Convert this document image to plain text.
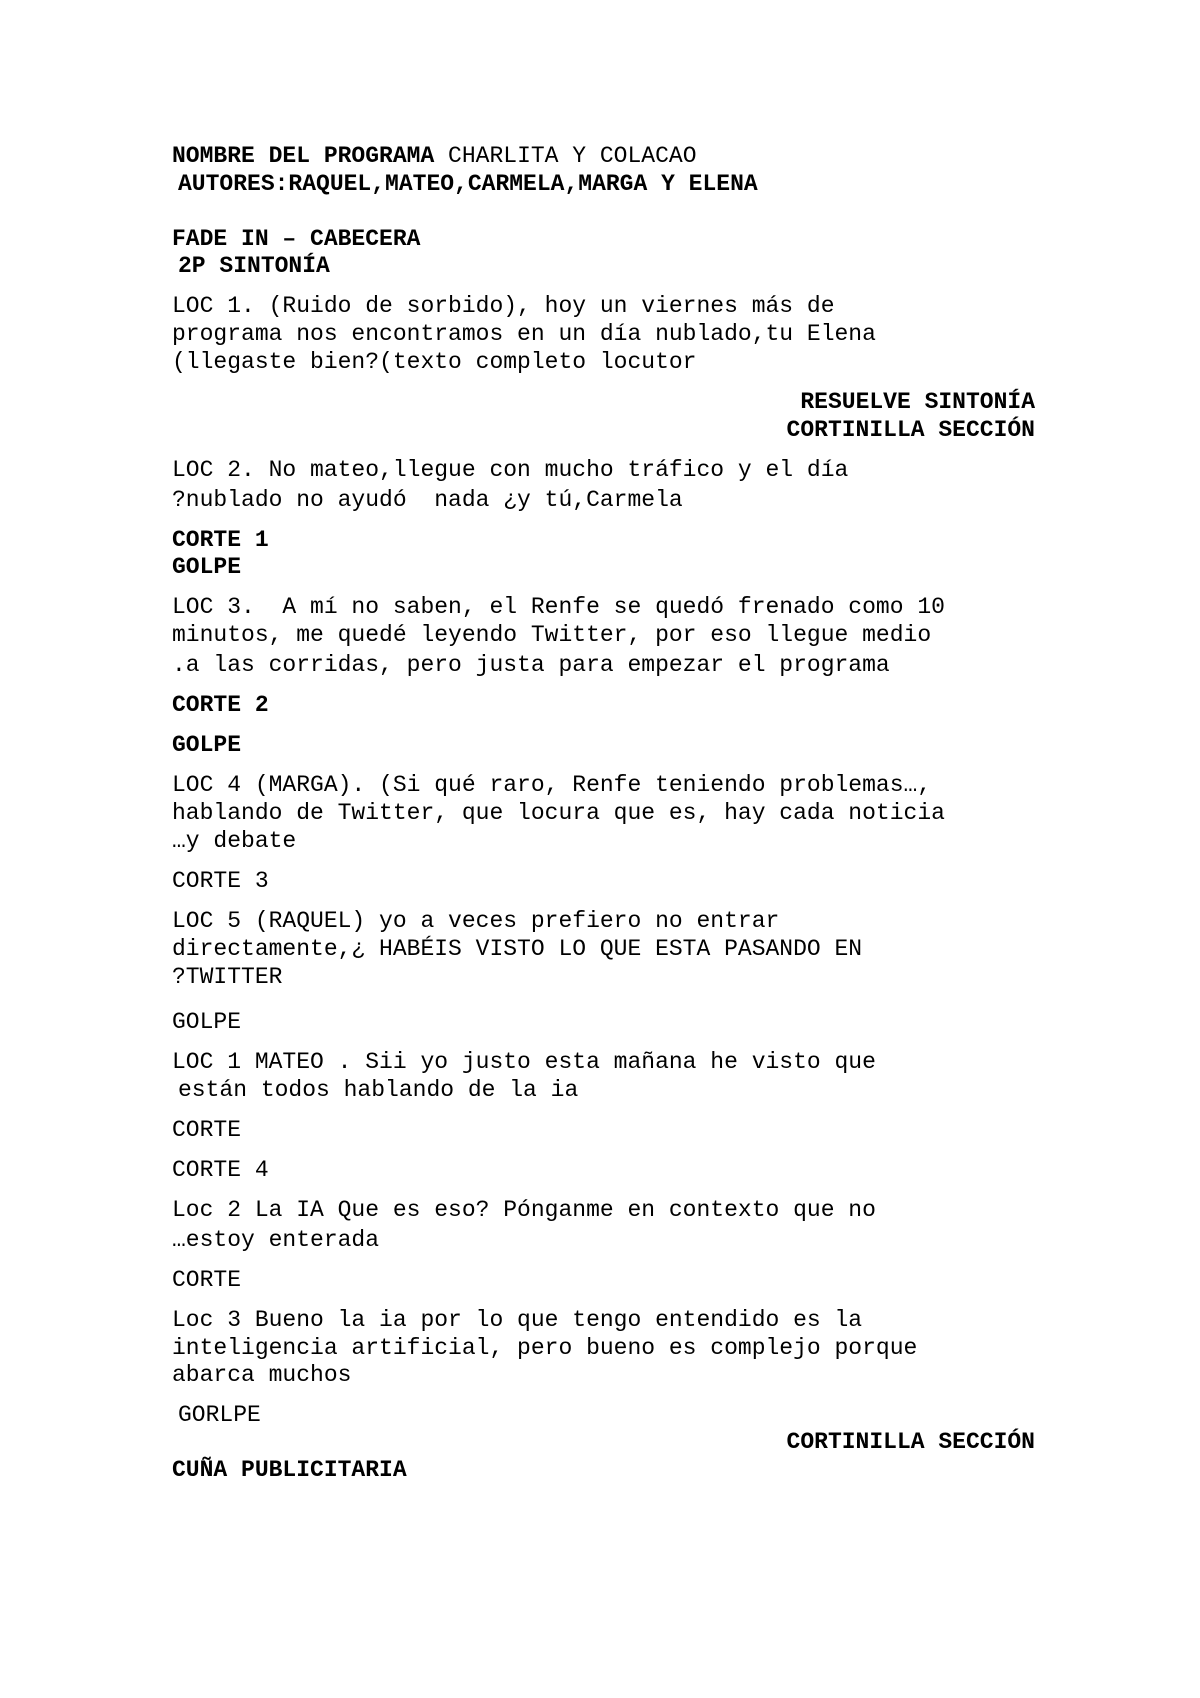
NOMBRE DEL PROGRAMA CHARLITA Y COLACAO

AUTORES:RAQUEL,MATEO,CARMELA,MARGA Y ELENA

FADE IN – CABECERA

2P SINTONÍA

LOC 1. (Ruido de sorbido), hoy un viernes más de

programa nos encontramos en un día nublado,tu Elena

(llegaste bien?(texto completo locutor

RESUELVE SINTONÍA

CORTINILLA SECCIÓN

LOC 2. No mateo,llegue con mucho tráfico y el día

?nublado no ayudó  nada ¿y tú,Carmela

CORTE 1

GOLPE

LOC 3.  A mí no saben, el Renfe se quedó frenado como 10

minutos, me quedé leyendo Twitter, por eso llegue medio

.a las corridas, pero justa para empezar el programa

CORTE 2

GOLPE

LOC 4 (MARGA). (Si qué raro, Renfe teniendo problemas…,

hablando de Twitter, que locura que es, hay cada noticia

…y debate

CORTE 3

LOC 5 (RAQUEL) yo a veces prefiero no entrar

directamente,¿ HABÉIS VISTO LO QUE ESTA PASANDO EN

?TWITTER

GOLPE

LOC 1 MATEO . Sii yo justo esta mañana he visto que

están todos hablando de la ia

CORTE

CORTE 4

Loc 2 La IA Que es eso? Pónganme en contexto que no

…estoy enterada

CORTE

Loc 3 Bueno la ia por lo que tengo entendido es la

inteligencia artificial, pero bueno es complejo porque

abarca muchos

GORLPE

CORTINILLA SECCIÓN

CUÑA PUBLICITARIA
